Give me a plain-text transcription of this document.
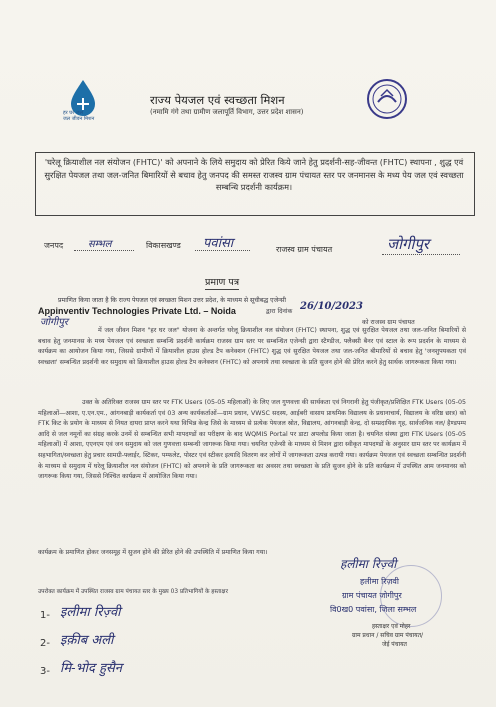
हर घर जल
जल जीवन मिशन
राज्य पेयजल एवं स्वच्छता मिशन
(नमामि गंगे तथा ग्रामीण जलापूर्ति विभाग, उत्तर प्रदेश शासन)
'घरेलू क्रियाशील नल संयोजन (FHTC)' को अपनाने के लिये समुदाय को प्रेरित किये जाने हेतु प्रदर्शनी-सह-जीवन्त (FHTC) स्थापना , शुद्ध एवं सुरक्षित पेयजल तथा जल-जनित बिमारियों से बचाव हेतु जनपद की समस्त राजस्व ग्राम पंचायत स्तर पर जनमानस के मध्य पेय जल एवं स्वच्छता सम्बन्धि प्रदर्शनी कार्यक्रम।
जनपद सम्भल	विकासखण्ड पवांसा	राजस्व ग्राम पंचायत	जोगीपुर
प्रमाण पत्र
प्रमाणित किया जाता है कि राज्य पेयजल एवं स्वच्छता मिशन उत्तर प्रदेश, के माध्यम से सूचीबद्ध एजेन्सी
Appinventiv Technologies Private Ltd. – Noida	द्वारा दिनांक 26/10/2023
को राजस्व ग्राम पंचायत
जोगीपुर
में जल जीवन मिशन "हर घर जल" योजना के अन्तर्गत घरेलू क्रियाशील नल संयोजन (FHTC) स्थापना, शुद्ध एवं सुरक्षित पेयजल तथा जल-जनित बिमारियों से बचाव हेतु जनमानस के मध्य पेयजल एवं स्वच्छता सम्बन्धि प्रदर्शनी कार्यक्रम राजस्व ग्राम स्तर पर सम्बन्धित एजेन्सी द्वारा स्टैण्डीज, फ्लैक्सी बैनर एवं स्टाल के रूप प्रदर्शन के माध्यम से कार्यक्रम का आयोजन किया गया, जिससे ग्रामीणों में क्रियाशील हाउस होल्ड टैप कनेक्शन (FHTC) शुद्ध एवं सुरक्षित पेयजल तथा जल-जनित बीमारियों से बचाव हेतु 'जनशुपयकता एवं स्वच्छता' सम्बन्धित प्रदर्शनी कर समुदाय को क्रियाशील हाउस होल्ड टैप कनेक्शन (FHTC) को अपनाये तथा स्वच्छता के प्रति सुजन होने की प्रेरित करने हेतु सार्थक जागरूकता किया गया।
उक्त के अतिरिक्त राजस्व ग्राम स्तर पर FTK Users (05-05 महिलाओं) के लिए जल गुणवत्ता की सार्थकता एवं निगरानी हेतु पंजीकृत/प्रशिक्षित FTK Users (05-05 महिलाओं—आशा, ए.एन.एम., आंगनबाड़ी कार्यकर्ता एवं 03 अन्य कार्यकर्ताओं—ग्राम प्रधान, VWSC सदस्य, आईबरी वासाय प्राथमिक विद्यालय के प्रधानाचार्य, विद्यालय के वरिष्ठ छात्र) को FTK किट के प्रयोग के माध्यम से नियत दायरा प्राप्त करने यथा विभिन्न केन्द्र जिसे के माध्यम से प्रत्येक पेयजल स्रोत, विद्यालय, आंगनबाड़ी केन्द्र, दो सम्प्रदायिक गृह, सार्वजनिक नल/ हैण्डपम्प आदि से जल नमूनों का संग्रह करके उनमें से सम्बन्धित सभी मापदण्डों का परीक्षण के बाद WQMIS Portal पर डाटा अपलोड किया जाता है। चयनित संस्था द्वारा FTK Users (05-05 महिलाओं) में आशा, एएनएम एवं जन समुदाय को जल गुणवत्ता सम्बन्धी जागरूक किया गया। चयनित एजेन्सी के माध्यम से मिशन द्वारा स्वीकृत मापदण्डों के अनुसार ग्राम स्तर पर कार्यक्रम में सहभागिता/स्वच्छता हेतु प्रचार सामग्री-फ्लाईर, स्टिकर, पम्फलेट, पोस्टर एवं स्टीकर इत्यादि वितरण कर लोगों में जागरूकता उत्पन्न करायी गया। कार्यक्रम पेयजल एवं स्वच्छता सम्बन्धित प्रदर्शनी के माध्यम से समुदाय में घरेलू क्रियाशील नल संयोजन (FHTC) को अपनाने के प्रति जागरूकता का अवसर तथा स्वच्छता के प्रति सुजन होने के प्रति कार्यक्रम में उपस्थित आम जनमानस को जागरूक किया गया, जिससे निश्चित कार्यक्रम में आयोजित किया गया।
कार्यक्रम के प्रमाणित होकर जनसमूह में सुजन होने की प्रेरित होने की उपस्थिति में प्रमाणित किया गया।
हलीमा रिज़्वी
हलीमा रिज़वी
ग्राम पंचायत जोगीपुर
वि0ख0 पवांसा, जिला सम्भल
हस्ताक्षर एवं मोहर
ग्राम प्रधान / सचिव ग्राम पंचायत/
जेई पंचायत
उपरोक्त कार्यक्रम में उपस्थित राजस्व ग्राम पंचायत स्तर के मुख्य 03 प्रतिभागियों के हस्ताक्षर
1- इलीमा रिज़्वी
2- इक़ीब अली
3- मि-भोद हुसैन
